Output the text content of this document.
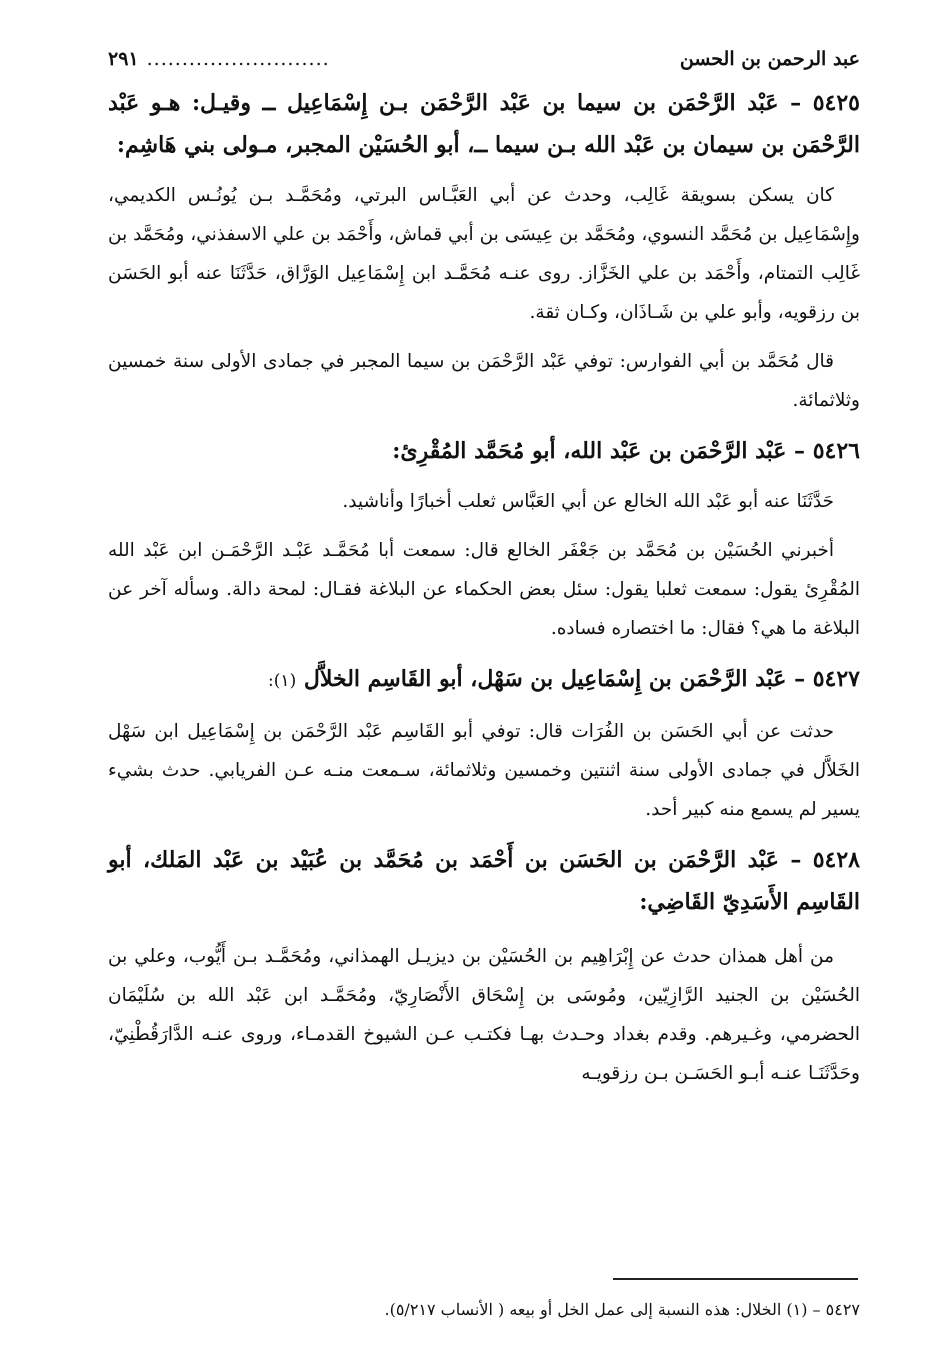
عبد الرحمن بن الحسن
..........................
٢٩١

٥٤٢٥ – عَبْد الرَّحْمَن بن سيما بن عَبْد الرَّحْمَن بـن إِسْمَاعِيل ــ وقيـل: هـو عَبْد الرَّحْمَن بن سيمان بن عَبْد الله بـن سيما ــ، أبو الحُسَيْن المجبر، مـولى بني هَاشِم:

كان يسكن بسويقة غَالِب، وحدث عن أبي العَبَّـاس البرتي، ومُحَمَّـد بـن يُونُـس الكديمي، وإِسْمَاعِيل بن مُحَمَّد النسوي، ومُحَمَّد بن عِيسَى بن أبي قماش، وأَحْمَد بن علي الاسفذني، ومُحَمَّد بن غَالِب التمتام، وأَحْمَد بن علي الخَزَّاز. روى عنـه مُحَمَّـد ابن إِسْمَاعِيل الوَرَّاق، حَدَّثَنَا عنه أبو الحَسَن بن رزقويه، وأبو علي بن شَـاذَان، وكـان ثقة.

قال مُحَمَّد بن أبي الفوارس: توفي عَبْد الرَّحْمَن بن سيما المجبر في جمادى الأولى سنة خمسين وثلاثمائة.

٥٤٢٦ – عَبْد الرَّحْمَن بن عَبْد الله، أبو مُحَمَّد المُقْرِئ:

حَدَّثَنَا عنه أبو عَبْد الله الخالع عن أبي العَبَّاس ثعلب أخبارًا وأناشيد.

أخبرني الحُسَيْن بن مُحَمَّد بن جَعْفَر الخالع قال: سمعت أبا مُحَمَّـد عَبْـد الرَّحْمَـن ابن عَبْد الله المُقْرِئ يقول: سمعت ثعلبا يقول: سئل بعض الحكماء عن البلاغة فقـال: لمحة دالة. وسأله آخر عن البلاغة ما هي؟ فقال: ما اختصاره فساده.

٥٤٢٧ – عَبْد الرَّحْمَن بن إِسْمَاعِيل بن سَهْل، أبو القَاسِم الخلاَّل (١):

حدثت عن أبي الحَسَن بن الفُرَات قال: توفي أبو القَاسِم عَبْد الرَّحْمَن بن إِسْمَاعِيل ابن سَهْل الخَلاَّل في جمادى الأولى سنة اثنتين وخمسين وثلاثمائة، سـمعت منـه عـن الفريابي. حدث بشيء يسير لم يسمع منه كبير أحد.

٥٤٢٨ – عَبْد الرَّحْمَن بن الحَسَن بن أَحْمَد بن مُحَمَّد بن عُبَيْد بن عَبْد المَلك، أبو القَاسِم الأَسَدِيّ القَاضِي:

من أهل همذان حدث عن إِبْرَاهِيم بن الحُسَيْن بن ديزيـل الهمذاني، ومُحَمَّـد بـن أَيُّوب، وعلي بن الحُسَيْن بن الجنيد الرَّازِيّين، ومُوسَى بن إِسْحَاق الأَنْصَارِيّ، ومُحَمَّـد ابن عَبْد الله بن سُلَيْمَان الحضرمي، وغـيرهم. وقدم بغداد وحـدث بهـا فكتـب عـن الشيوخ القدمـاء، وروى عنـه الدَّارَقُطْنِيّ، وحَدَّثَنَـا عنـه أبـو الحَسَـن بـن رزقويـه

٥٤٢٧ – (١) الخلال: هذه النسبة إلى عمل الخل أو بيعه ( الأنساب ٥/٢١٧).
